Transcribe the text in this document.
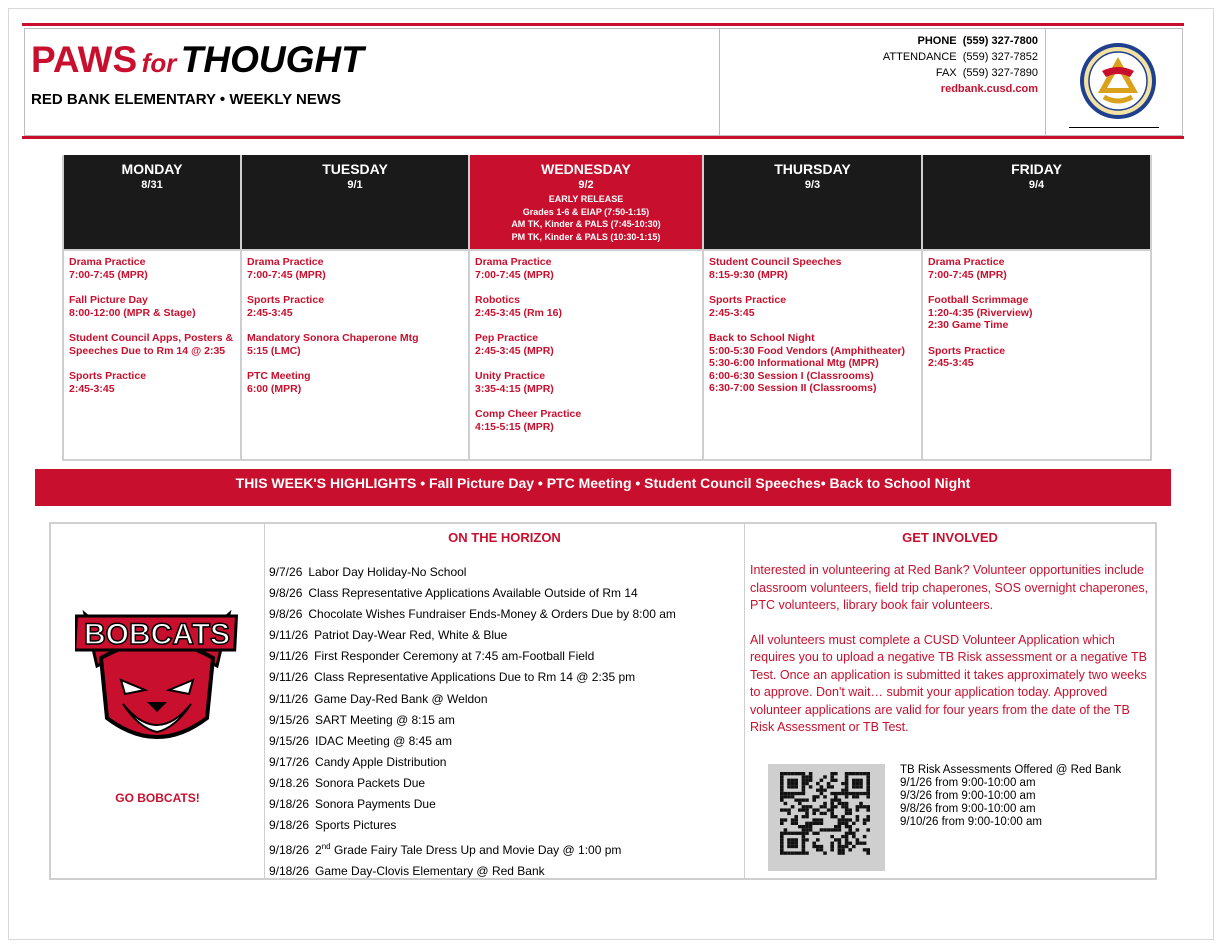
PAWS for THOUGHT
RED BANK ELEMENTARY • WEEKLY NEWS
PHONE (559) 327-7800
ATTENDANCE (559) 327-7852
FAX (559) 327-7890
redbank.cusd.com
MONDAY
8/31
Drama Practice
7:00-7:45 (MPR)
Fall Picture Day
8:00-12:00 (MPR & Stage)
Student Council Apps, Posters &
Speeches Due to Rm 14 @ 2:35
Sports Practice
2:45-3:45
TUESDAY
9/1
Drama Practice
7:00-7:45 (MPR)
Sports Practice
2:45-3:45
Mandatory Sonora Chaperone Mtg
5:15 (LMC)
PTC Meeting
6:00 (MPR)
WEDNESDAY
9/2
EARLY RELEASE
Grades 1-6 & EIAP (7:50-1:15)
AM TK, Kinder & PALS (7:45-10:30)
PM TK, Kinder & PALS (10:30-1:15)
Drama Practice
7:00-7:45 (MPR)
Robotics
2:45-3:45 (Rm 16)
Pep Practice
2:45-3:45 (MPR)
Unity Practice
3:35-4:15 (MPR)
Comp Cheer Practice
4:15-5:15 (MPR)
THURSDAY
9/3
Student Council Speeches
8:15-9:30 (MPR)
Sports Practice
2:45-3:45
Back to School Night
5:00-5:30 Food Vendors (Amphitheater)
5:30-6:00 Informational Mtg (MPR)
6:00-6:30 Session I (Classrooms)
6:30-7:00 Session II (Classrooms)
FRIDAY
9/4
Drama Practice
7:00-7:45 (MPR)
Football Scrimmage
1:20-4:35 (Riverview)
2:30 Game Time
Sports Practice
2:45-3:45
THIS WEEK'S HIGHLIGHTS • Fall Picture Day • PTC Meeting • Student Council Speeches• Back to School Night
BOBCATS
GO BOBCATS!
ON THE HORIZON
9/7/26 Labor Day Holiday-No School
9/8/26 Class Representative Applications Available Outside of Rm 14
9/8/26 Chocolate Wishes Fundraiser Ends-Money & Orders Due by 8:00 am
9/11/26 Patriot Day-Wear Red, White & Blue
9/11/26 First Responder Ceremony at 7:45 am-Football Field
9/11/26 Class Representative Applications Due to Rm 14 @ 2:35 pm
9/11/26 Game Day-Red Bank @ Weldon
9/15/26 SART Meeting @ 8:15 am
9/15/26 IDAC Meeting @ 8:45 am
9/17/26 Candy Apple Distribution
9/18.26 Sonora Packets Due
9/18/26 Sonora Payments Due
9/18/26 Sports Pictures
9/18/26 2nd Grade Fairy Tale Dress Up and Movie Day @ 1:00 pm
9/18/26 Game Day-Clovis Elementary @ Red Bank
GET INVOLVED

Interested in volunteering at Red Bank? Volunteer opportunities include classroom volunteers, field trip chaperones, SOS overnight chaperones, PTC volunteers, library book fair volunteers.

All volunteers must complete a CUSD Volunteer Application which requires you to upload a negative TB Risk assessment or a negative TB Test. Once an application is submitted it takes approximately two weeks to approve. Don't wait… submit your application today. Approved volunteer applications are valid for four years from the date of the TB Risk Assessment or TB Test.

TB Risk Assessments Offered @ Red Bank
9/1/26 from 9:00-10:00 am
9/3/26 from 9:00-10:00 am
9/8/26 from 9:00-10:00 am
9/10/26 from 9:00-10:00 am
